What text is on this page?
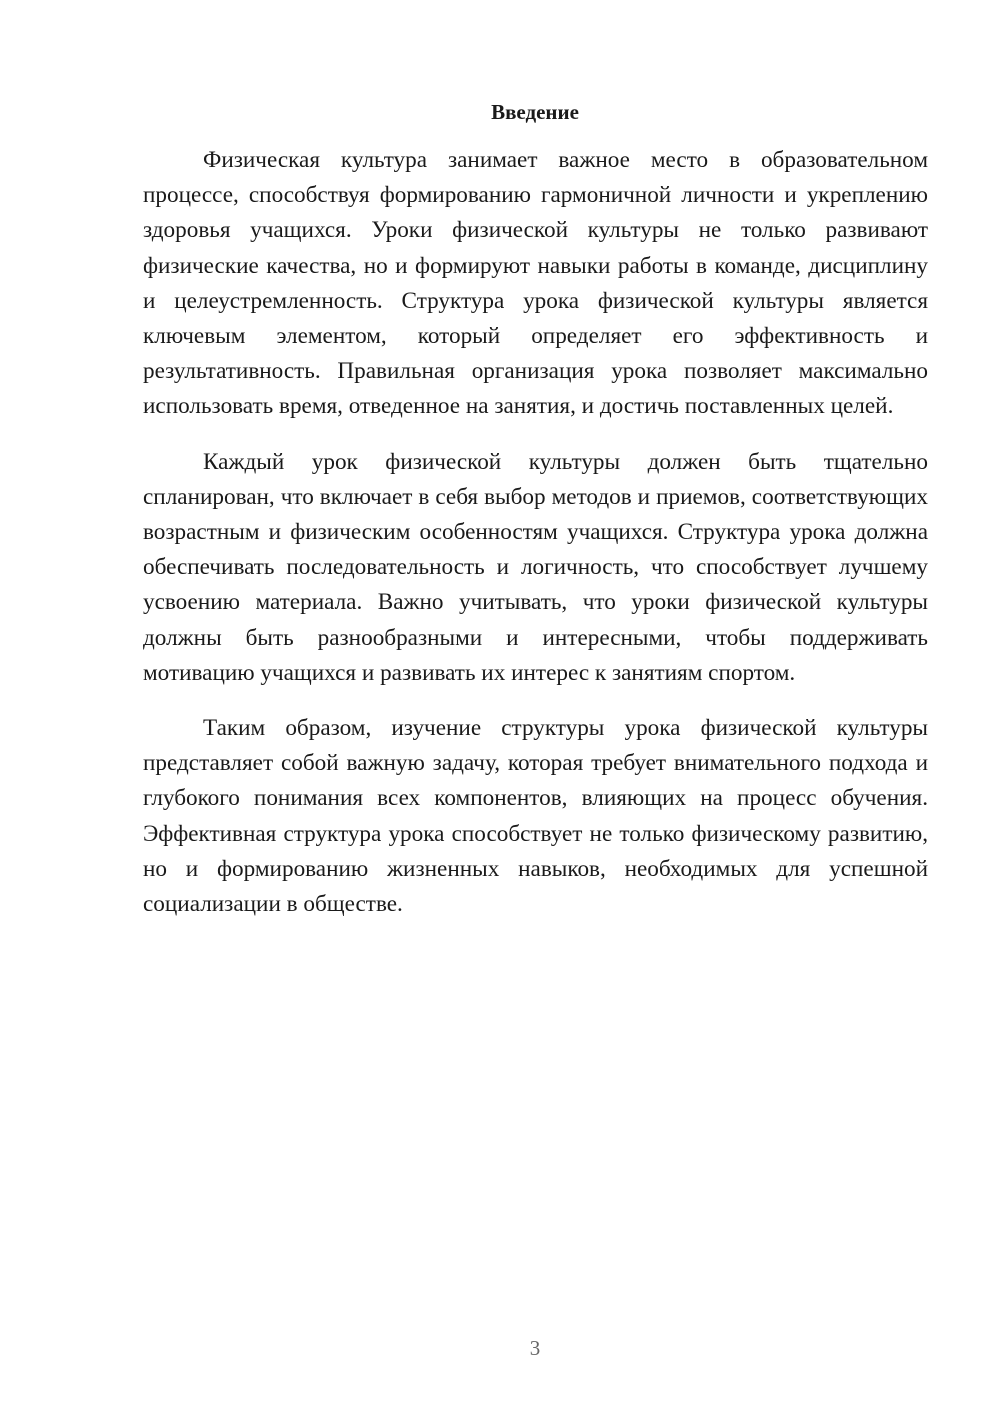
Введение

Физическая культура занимает важное место в образовательном процессе, способствуя формированию гармоничной личности и укреплению здоровья учащихся. Уроки физической культуры не только развивают физические качества, но и формируют навыки работы в команде, дисциплину и целеустремленность. Структура урока физической культуры является ключевым элементом, который определяет его эффективность и результативность. Правильная организация урока позволяет максимально использовать время, отведенное на занятия, и достичь поставленных целей.

Каждый урок физической культуры должен быть тщательно спланирован, что включает в себя выбор методов и приемов, соответствующих возрастным и физическим особенностям учащихся. Структура урока должна обеспечивать последовательность и логичность, что способствует лучшему усвоению материала. Важно учитывать, что уроки физической культуры должны быть разнообразными и интересными, чтобы поддерживать мотивацию учащихся и развивать их интерес к занятиям спортом.

Таким образом, изучение структуры урока физической культуры представляет собой важную задачу, которая требует внимательного подхода и глубокого понимания всех компонентов, влияющих на процесс обучения. Эффективная структура урока способствует не только физическому развитию, но и формированию жизненных навыков, необходимых для успешной социализации в обществе.

3
